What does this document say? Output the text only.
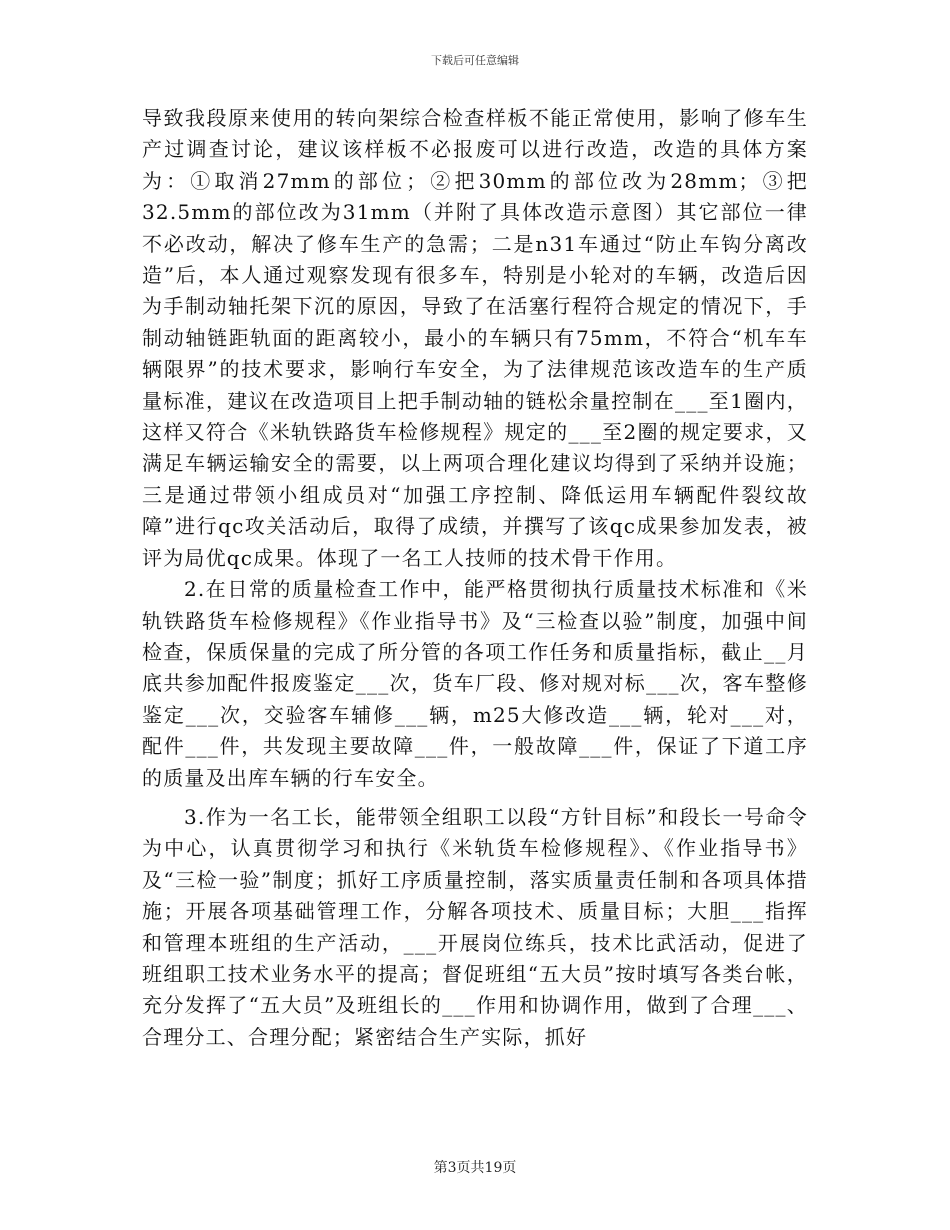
下载后可任意编辑

导致我段原来使用的转向架综合检查样板不能正常使用，影响了修车生产过调查讨论，建议该样板不必报废可以进行改造，改造的具体方案为：①取消27mm的部位；②把30mm的部位改为28mm；③把32.5mm的部位改为31mm（并附了具体改造示意图）其它部位一律不必改动，解决了修车生产的急需；二是n31车通过“防止车钩分离改造”后，本人通过观察发现有很多车，特别是小轮对的车辆，改造后因为手制动轴托架下沉的原因，导致了在活塞行程符合规定的情况下，手制动轴链距轨面的距离较小，最小的车辆只有75mm，不符合“机车车辆限界”的技术要求，影响行车安全，为了法律规范该改造车的生产质量标准，建议在改造项目上把手制动轴的链松余量控制在___至1圈内，这样又符合《米轨铁路货车检修规程》规定的___至2圈的规定要求，又满足车辆运输安全的需要，以上两项合理化建议均得到了采纳并设施；三是通过带领小组成员对“加强工序控制、降低运用车辆配件裂纹故障”进行qc攻关活动后，取得了成绩，并撰写了该qc成果参加发表，被评为局优qc成果。体现了一名工人技师的技术骨干作用。

2.在日常的质量检查工作中，能严格贯彻执行质量技术标准和《米轨铁路货车检修规程》《作业指导书》及“三检查以验”制度，加强中间检查，保质保量的完成了所分管的各项工作任务和质量指标，截止__月底共参加配件报废鉴定___次，货车厂段、修对规对标___次，客车整修鉴定___次，交验客车辅修___辆，m25大修改造___辆，轮对___对，配件___件，共发现主要故障___件，一般故障___件，保证了下道工序的质量及出库车辆的行车安全。

3.作为一名工长，能带领全组职工以段“方针目标”和段长一号命令为中心，认真贯彻学习和执行《米轨货车检修规程》、《作业指导书》及“三检一验”制度；抓好工序质量控制，落实质量责任制和各项具体措施；开展各项基础管理工作，分解各项技术、质量目标；大胆___指挥和管理本班组的生产活动，___开展岗位练兵，技术比武活动，促进了班组职工技术业务水平的提高；督促班组“五大员”按时填写各类台帐，充分发挥了“五大员”及班组长的___作用和协调作用，做到了合理___、合理分工、合理分配；紧密结合生产实际，抓好

第3页共19页
